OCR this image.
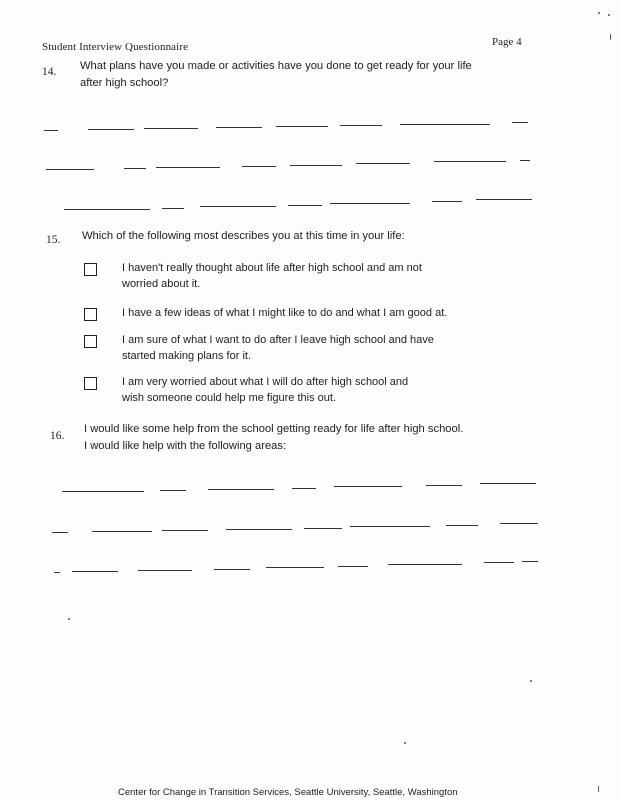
Student Interview Questionnaire	Page 4
14. What plans have you made or activities have you done to get ready for your life
after high school?
15. Which of the following most describes you at this time in your life:
I haven't really thought about life after high school and am not
worried about it.
I have a few ideas of what I might like to do and what I am good at.
I am sure of what I want to do after I leave high school and have
started making plans for it.
I am very worried about what I will do after high school and
wish someone could help me figure this out.
16.
I would like some help from the school getting ready for life after high school.
I would like help with the following areas:
Center for Change in Transition Services, Seattle University, Seattle, Washington
